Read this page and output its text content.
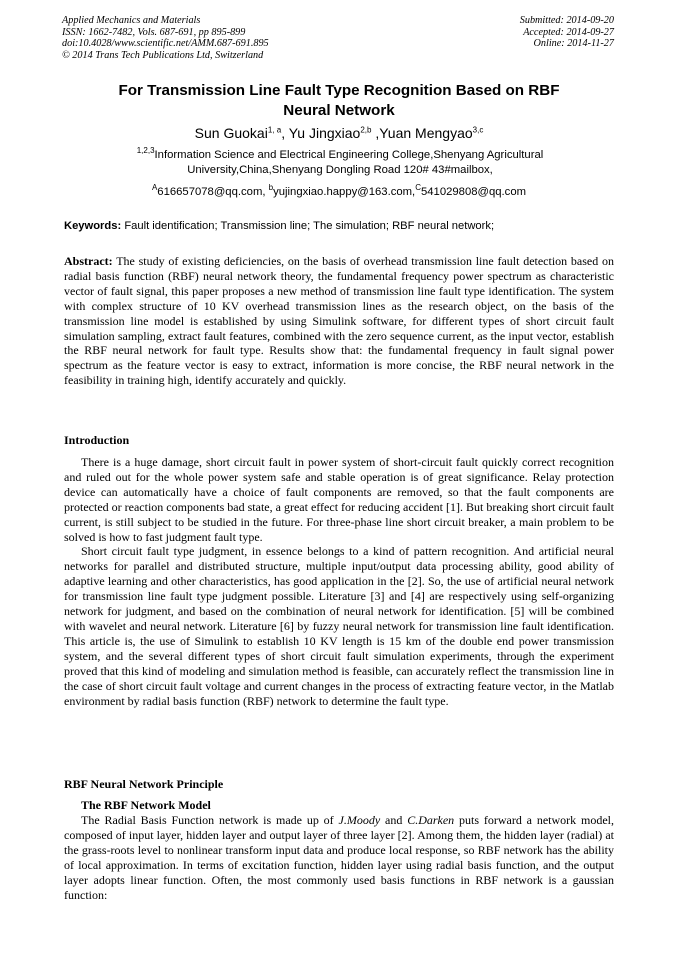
Applied Mechanics and Materials
ISSN: 1662-7482, Vols. 687-691, pp 895-899
doi:10.4028/www.scientific.net/AMM.687-691.895
© 2014 Trans Tech Publications Ltd, Switzerland
Submitted: 2014-09-20
Accepted: 2014-09-27
Online: 2014-11-27
For Transmission Line Fault Type Recognition Based on RBF
Neural Network
Sun Guokai$^{1, a}$, Yu Jingxiao$^{2,b}$ ,Yuan Mengyao$^{3,c}$
$^{1,2,3}$Information Science and Electrical Engineering College,Shenyang Agricultural
University,China,Shenyang Dongling Road 120# 43#mailbox,
$^A$616657078@qq.com, $^b$yujingxiao.happy@163.com,$^C$541029808@qq.com
Keywords: Fault identification; Transmission line; The simulation; RBF neural network;
Abstract: The study of existing deficiencies, on the basis of overhead transmission line fault detection based on radial basis function (RBF) neural network theory, the fundamental frequency power spectrum as characteristic vector of fault signal, this paper proposes a new method of transmission line fault type identification. The system with complex structure of 10 KV overhead transmission lines as the research object, on the basis of the transmission line model is established by using Simulink software, for different types of short circuit fault simulation sampling, extract fault features, combined with the zero sequence current, as the input vector, establish the RBF neural network for fault type. Results show that: the fundamental frequency in fault signal power spectrum as the feature vector is easy to extract, information is more concise, the RBF neural network in the feasibility in training high, identify accurately and quickly.
Introduction

There is a huge damage, short circuit fault in power system of short-circuit fault quickly correct recognition and ruled out for the whole power system safe and stable operation is of great significance. Relay protection device can automatically have a choice of fault components are removed, so that the fault components are protected or reaction components bad state, a great effect for reducing accident [1]. But breaking short circuit fault current, is still subject to be studied in the future. For three-phase line short circuit breaker, a main problem to be solved is how to fast judgment fault type.

Short circuit fault type judgment, in essence belongs to a kind of pattern recognition. And artificial neural networks for parallel and distributed structure, multiple input/output data processing ability, good ability of adaptive learning and other characteristics, has good application in the [2]. So, the use of artificial neural network for transmission line fault type judgment possible. Literature [3] and [4] are respectively using self-organizing network for judgment, and based on the combination of neural network for identification. [5] will be combined with wavelet and neural network. Literature [6] by fuzzy neural network for transmission line fault identification. This article is, the use of Simulink to establish 10 KV length is 15 km of the double end power transmission system, and the several different types of short circuit fault simulation experiments, through the experiment proved that this kind of modeling and simulation method is feasible, can accurately reflect the transmission line in the case of short circuit fault voltage and current changes in the process of extracting feature vector, in the Matlab environment by radial basis function (RBF) network to determine the fault type.

RBF Neural Network Principle
The RBF Network Model

The Radial Basis Function network is made up of J.Moody and C.Darken puts forward a network model, composed of input layer, hidden layer and output layer of three layer [2]. Among them, the hidden layer (radial) at the grass-roots level to nonlinear transform input data and produce local response, so RBF network has the ability of local approximation. In terms of excitation function, hidden layer using radial basis function, and the output layer adopts linear function. Often, the most commonly used basis functions in RBF network is a gaussian function:
